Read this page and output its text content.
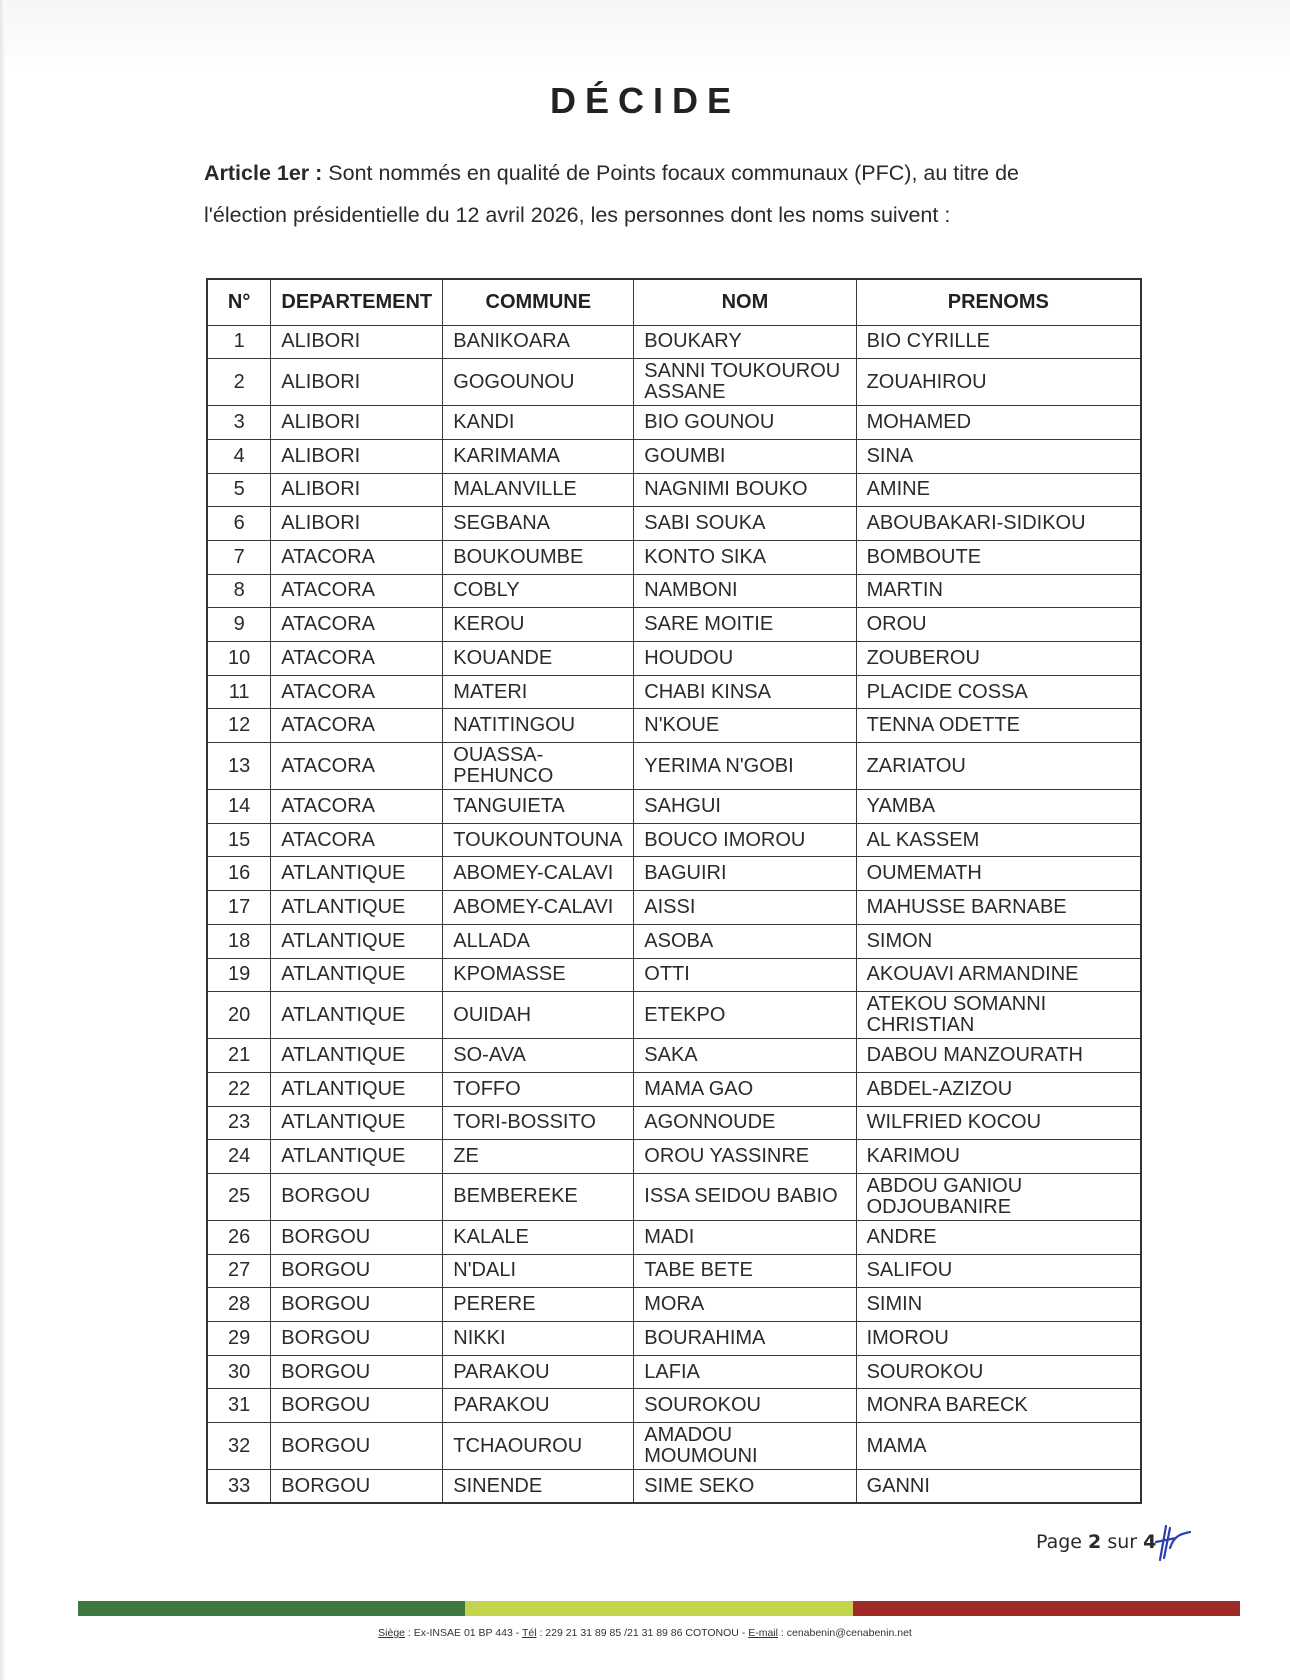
DÉCIDE

Article 1er : Sont nommés en qualité de Points focaux communaux (PFC), au titre de
l'élection présidentielle du 12 avril 2026, les personnes dont les noms suivent :

N°	DEPARTEMENT	COMMUNE	NOM	PRENOMS
1	ALIBORI	BANIKOARA	BOUKARY	BIO CYRILLE
2	ALIBORI	GOGOUNOU	SANNI TOUKOUROU ASSANE	ZOUAHIROU
3	ALIBORI	KANDI	BIO GOUNOU	MOHAMED
4	ALIBORI	KARIMAMA	GOUMBI	SINA
5	ALIBORI	MALANVILLE	NAGNIMI BOUKO	AMINE
6	ALIBORI	SEGBANA	SABI SOUKA	ABOUBAKARI-SIDIKOU
7	ATACORA	BOUKOUMBE	KONTO SIKA	BOMBOUTE
8	ATACORA	COBLY	NAMBONI	MARTIN
9	ATACORA	KEROU	SARE MOITIE	OROU
10	ATACORA	KOUANDE	HOUDOU	ZOUBEROU
11	ATACORA	MATERI	CHABI KINSA	PLACIDE COSSA
12	ATACORA	NATITINGOU	N'KOUE	TENNA ODETTE
13	ATACORA	OUASSA-PEHUNCO	YERIMA N'GOBI	ZARIATOU
14	ATACORA	TANGUIETA	SAHGUI	YAMBA
15	ATACORA	TOUKOUNTOUNA	BOUCO IMOROU	AL KASSEM
16	ATLANTIQUE	ABOMEY-CALAVI	BAGUIRI	OUMEMATH
17	ATLANTIQUE	ABOMEY-CALAVI	AISSI	MAHUSSE BARNABE
18	ATLANTIQUE	ALLADA	ASOBA	SIMON
19	ATLANTIQUE	KPOMASSE	OTTI	AKOUAVI ARMANDINE
20	ATLANTIQUE	OUIDAH	ETEKPO	ATEKOU SOMANNI CHRISTIAN
21	ATLANTIQUE	SO-AVA	SAKA	DABOU MANZOURATH
22	ATLANTIQUE	TOFFO	MAMA GAO	ABDEL-AZIZOU
23	ATLANTIQUE	TORI-BOSSITO	AGONNOUDE	WILFRIED KOCOU
24	ATLANTIQUE	ZE	OROU YASSINRE	KARIMOU
25	BORGOU	BEMBEREKE	ISSA SEIDOU BABIO	ABDOU GANIOU ODJOUBANIRE
26	BORGOU	KALALE	MADI	ANDRE
27	BORGOU	N'DALI	TABE BETE	SALIFOU
28	BORGOU	PERERE	MORA	SIMIN
29	BORGOU	NIKKI	BOURAHIMA	IMOROU
30	BORGOU	PARAKOU	LAFIA	SOUROKOU
31	BORGOU	PARAKOU	SOUROKOU	MONRA BARECK
32	BORGOU	TCHAOUROU	AMADOU MOUMOUNI	MAMA
33	BORGOU	SINENDE	SIME SEKO	GANNI
Page 2 sur 4
Siège : Ex-INSAE 01 BP 443 - Tél : 229 21 31 89 85 /21 31 89 86 COTONOU - E-mail : cenabenin@cenabenin.net
